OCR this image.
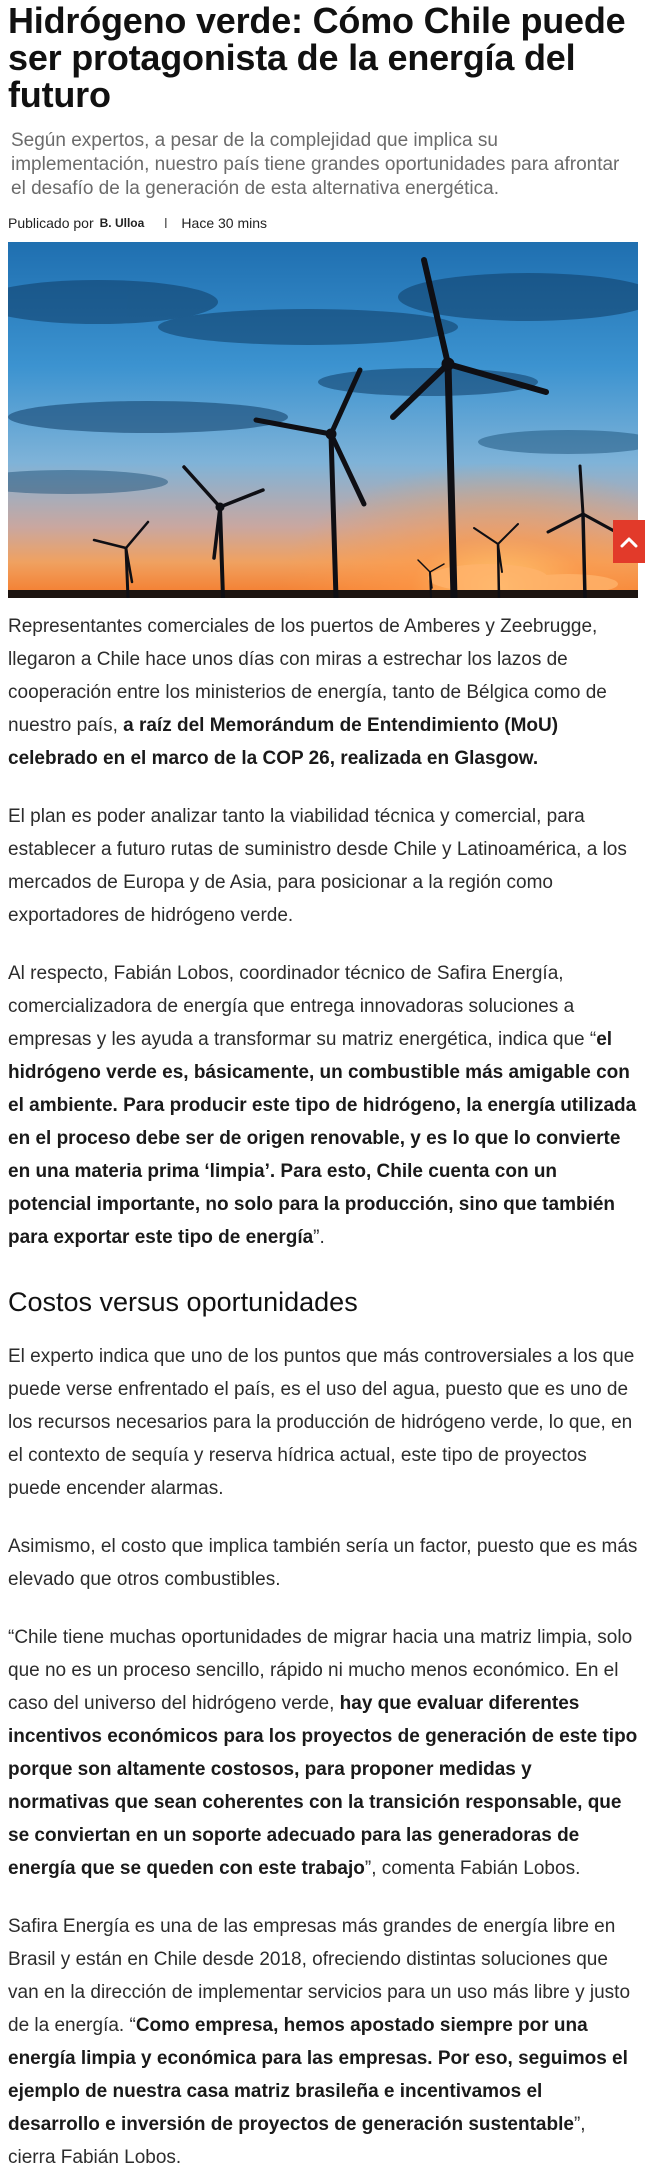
Hidrógeno verde: Cómo Chile puede ser protagonista de la energía del futuro

Según expertos, a pesar de la complejidad que implica su implementación, nuestro país tiene grandes oportunidades para afrontar el desafío de la generación de esta alternativa energética.

Publicado por B. Ulloa l Hace 30 mins

Representantes comerciales de los puertos de Amberes y Zeebrugge, llegaron a Chile hace unos días con miras a estrechar los lazos de cooperación entre los ministerios de energía, tanto de Bélgica como de nuestro país, a raíz del Memorándum de Entendimiento (MoU) celebrado en el marco de la COP 26, realizada en Glasgow.

El plan es poder analizar tanto la viabilidad técnica y comercial, para establecer a futuro rutas de suministro desde Chile y Latinoamérica, a los mercados de Europa y de Asia, para posicionar a la región como exportadores de hidrógeno verde.

Al respecto, Fabián Lobos, coordinador técnico de Safira Energía, comercializadora de energía que entrega innovadoras soluciones a empresas y les ayuda a transformar su matriz energética, indica que “el hidrógeno verde es, básicamente, un combustible más amigable con el ambiente. Para producir este tipo de hidrógeno, la energía utilizada en el proceso debe ser de origen renovable, y es lo que lo convierte en una materia prima ‘limpia’. Para esto, Chile cuenta con un potencial importante, no solo para la producción, sino que también para exportar este tipo de energía”.

Costos versus oportunidades

El experto indica que uno de los puntos que más controversiales a los que puede verse enfrentado el país, es el uso del agua, puesto que es uno de los recursos necesarios para la producción de hidrógeno verde, lo que, en el contexto de sequía y reserva hídrica actual, este tipo de proyectos puede encender alarmas.

Asimismo, el costo que implica también sería un factor, puesto que es más elevado que otros combustibles.

“Chile tiene muchas oportunidades de migrar hacia una matriz limpia, solo que no es un proceso sencillo, rápido ni mucho menos económico. En el caso del universo del hidrógeno verde, hay que evaluar diferentes incentivos económicos para los proyectos de generación de este tipo porque son altamente costosos, para proponer medidas y normativas que sean coherentes con la transición responsable, que se conviertan en un soporte adecuado para las generadoras de energía que se queden con este trabajo”, comenta Fabián Lobos.

Safira Energía es una de las empresas más grandes de energía libre en Brasil y están en Chile desde 2018, ofreciendo distintas soluciones que van en la dirección de implementar servicios para un uso más libre y justo de la energía. “Como empresa, hemos apostado siempre por una energía limpia y económica para las empresas. Por eso, seguimos el ejemplo de nuestra casa matriz brasileña e incentivamos el desarrollo e inversión de proyectos de generación sustentable”, cierra Fabián Lobos.
